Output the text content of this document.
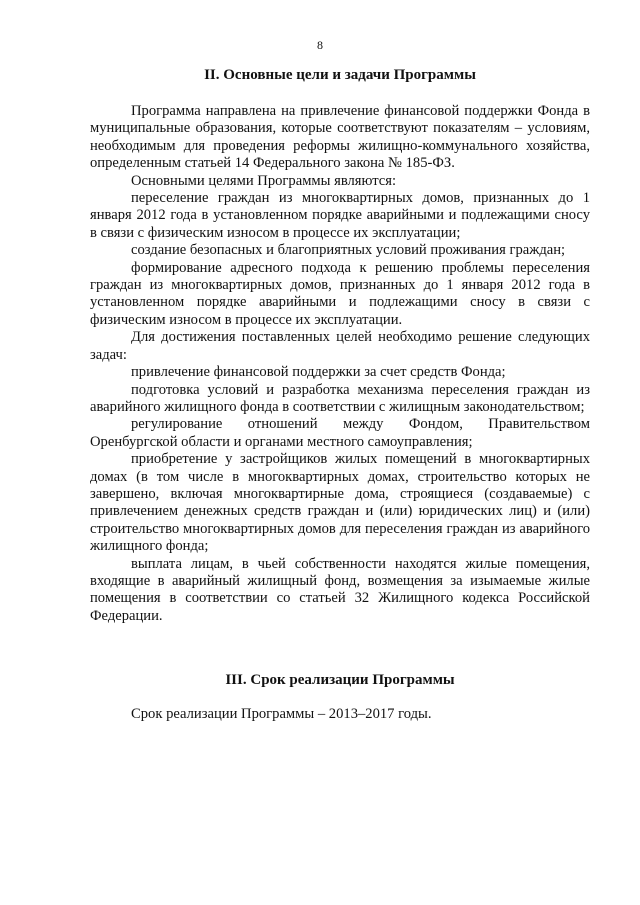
8
II. Основные цели и задачи Программы

Программа направлена на привлечение финансовой поддержки Фонда в муниципальные образования, которые соответствуют показателям – условиям, необходимым для проведения реформы жилищно-коммунального хозяйства, определенным статьей 14 Федерального закона № 185-ФЗ.

Основными целями Программы являются:

переселение граждан из многоквартирных домов, признанных до 1 января 2012 года в установленном порядке аварийными и подлежащими сносу в связи с физическим износом в процессе их эксплуатации;

создание безопасных и благоприятных условий проживания граждан;

формирование адресного подхода к решению проблемы переселения граждан из многоквартирных домов, признанных до 1 января 2012 года в установленном порядке аварийными и подлежащими сносу в связи с физическим износом в процессе их эксплуатации.

Для достижения поставленных целей необходимо решение следующих задач:

привлечение финансовой поддержки за счет средств Фонда;

подготовка условий и разработка механизма переселения граждан из аварийного жилищного фонда в соответствии с жилищным законодательством;

регулирование отношений между Фондом, Правительством Оренбургской области и органами местного самоуправления;

приобретение у застройщиков жилых помещений в многоквартирных домах (в том числе в многоквартирных домах, строительство которых не завершено, включая многоквартирные дома, строящиеся (создаваемые) с привлечением денежных средств граждан и (или) юридических лиц) и (или) строительство многоквартирных домов для переселения граждан из аварийного жилищного фонда;

выплата лицам, в чьей собственности находятся жилые помещения, входящие в аварийный жилищный фонд, возмещения за изымаемые жилые помещения в соответствии со статьей 32 Жилищного кодекса Российской Федерации.

III. Срок реализации Программы

Срок реализации Программы – 2013–2017 годы.
